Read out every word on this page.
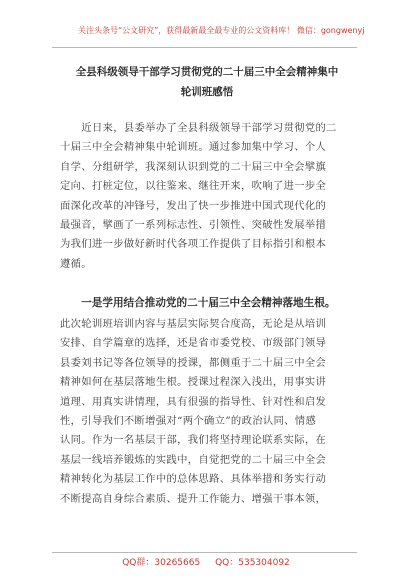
关注头条号“公文研究”，获得最新最全最专业的公文资料库！ 微信：gongwenyj
全县科级领导干部学习贯彻党的二十届三中全会精神集中
轮训班感悟
　　近日来，县委举办了全县科级领导干部学习贯彻党的二
十届三中全会精神集中轮训班。通过参加集中学习、个人
自学、分组研学，我深刻认识到党的二十届三中全会擘旗
定向、打桩定位，以往鉴来、继往开来，吹响了进一步全
面深化改革的冲锋号，发出了快一步推进中国式现代化的
最强音，擘画了一系列标志性、引领性、突破性发展举措
为我们进一步做好新时代各项工作提供了目标指引和根本
遵循。
　　一是学用结合推动党的二十届三中全会精神落地生根。
此次轮训班培训内容与基层实际契合度高，无论是从培训
安排、自学篇章的选择，还是省市委党校、市级部门领导
县委刘书记等各位领导的授课，都侧重于二十届三中全会
精神如何在基层落地生根。授课过程深入浅出，用事实讲
道理、用真实讲情理，具有很强的指导性、针对性和启发
性，引导我们不断增强对“两个确立”的政治认同、情感
认同。作为一名基层干部，我们将坚持理论联系实际，在
基层一线培养锻炼的实践中，自觉把党的二十届三中全会
精神转化为基层工作中的总体思路、具体举措和务实行动
不断提高自身综合素质、提升工作能力、增强干事本领，
QQ群：30265665 QQ：535304092
